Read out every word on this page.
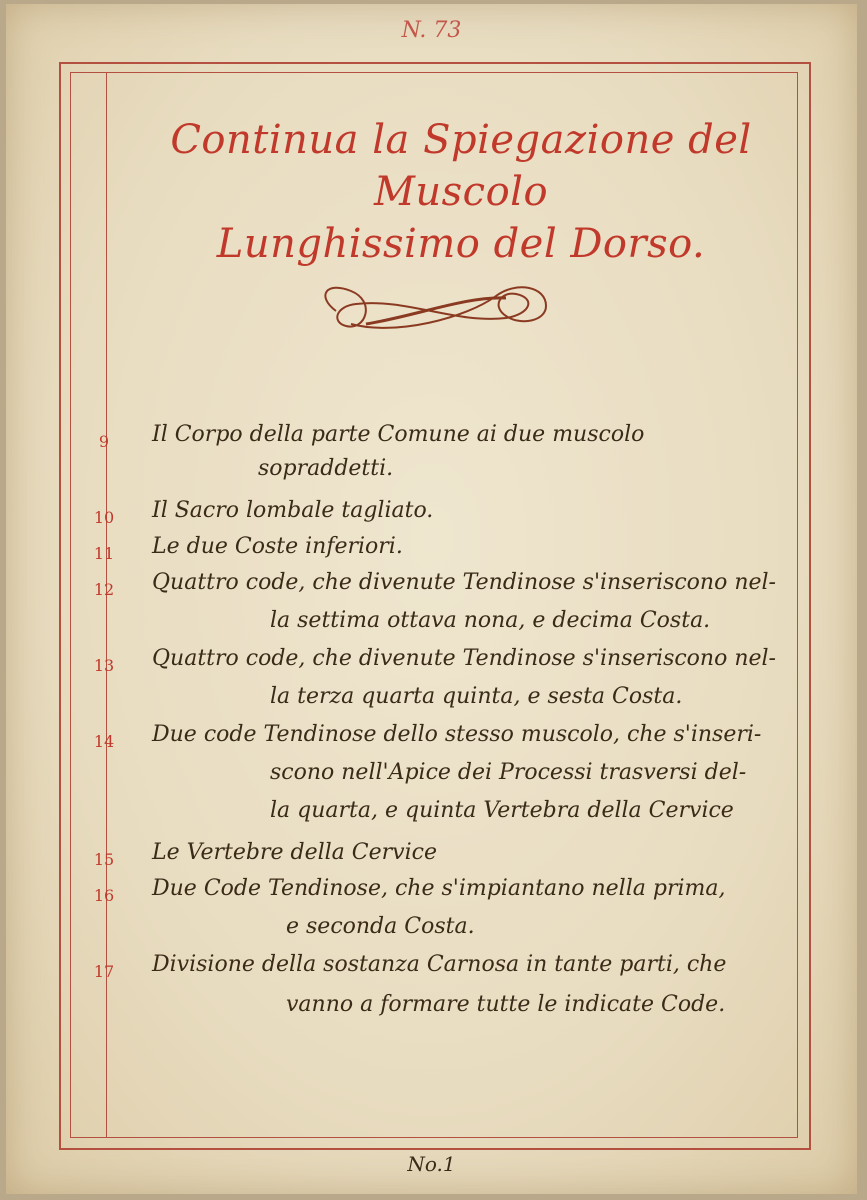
N. 73
Continua la Spiegazione del Muscolo
Lunghissimo del Dorso.
9	Il Corpo della parte Comune ai due muscolo
sopraddetti.
10	Il Sacro lombale tagliato.
11	Le due Coste inferiori.
12	Quattro code, che divenute Tendinose s'inseriscono nel-
la settima ottava nona, e decima Costa.
13	Quattro code, che divenute Tendinose s'inseriscono nel-
la terza quarta quinta, e sesta Costa.
14	Due code Tendinose dello stesso muscolo, che s'inseri-
scono nell'Apice dei Processi trasversi del-
la quarta, e quinta Vertebra della Cervice
15	Le Vertebre della Cervice
16	Due Code Tendinose, che s'impiantano nella prima,
e seconda Costa.
17	Divisione della sostanza Carnosa in tante parti, che
vanno a formare tutte le indicate Code.
No.1
